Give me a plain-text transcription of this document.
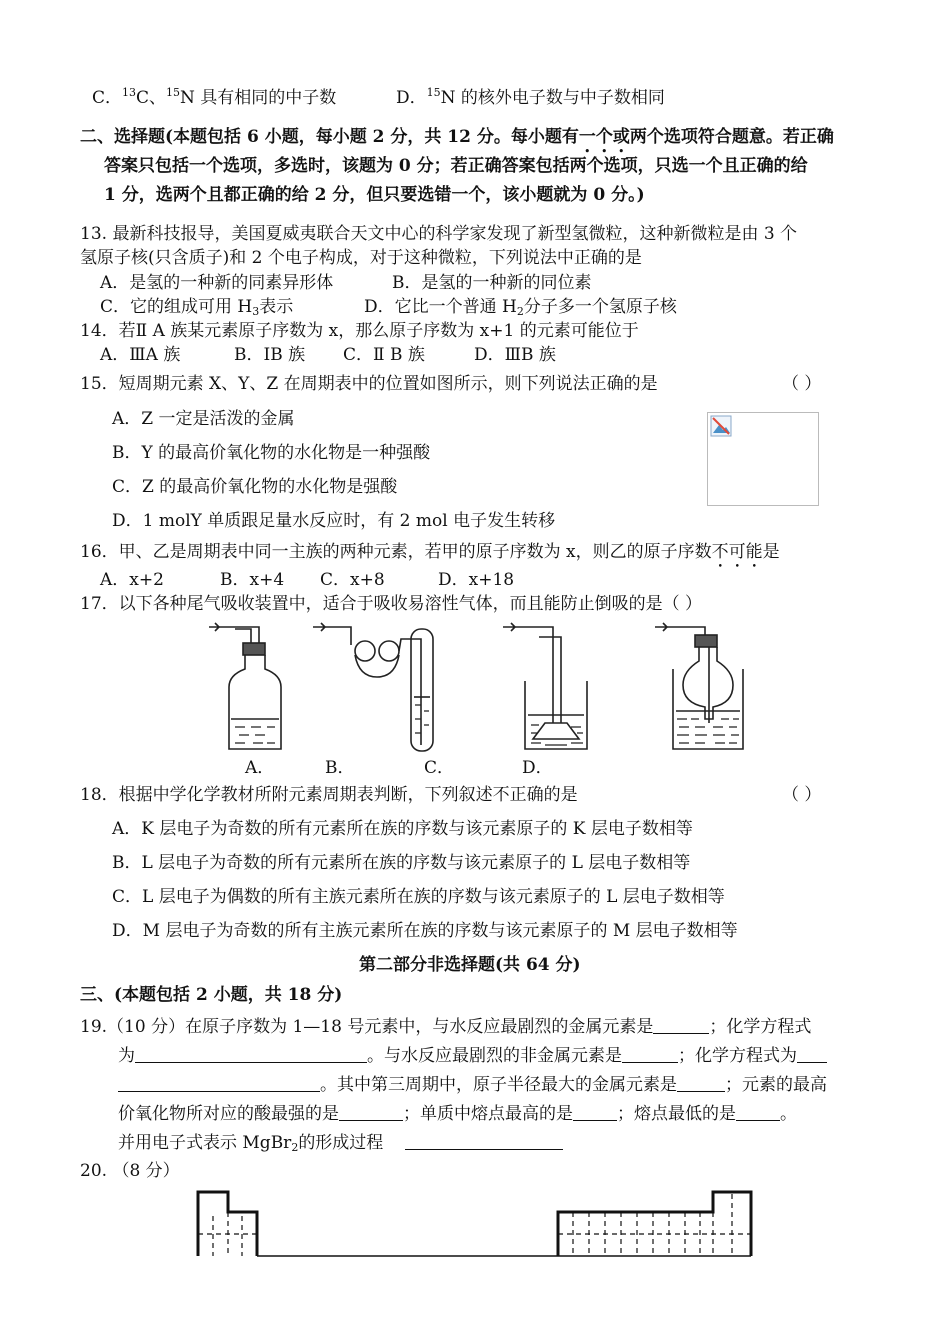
C．$^{13}$C、$^{15}$N 具有相同的中子数	D．$^{15}$N 的核外电子数与中子数相同
二、选择题(本题包括 6 小题，每小题 2 分，共 12 分。每小题有一个或两个选项符合题意。若正确
答案只包括一个选项，多选时，该题为 0 分；若正确答案包括两个选项，只选一个且正确的给
1 分，选两个且都正确的给 2 分，但只要选错一个，该小题就为 0 分。)
13. 最新科技报导，美国夏威夷联合天文中心的科学家发现了新型氢微粒，这种新微粒是由 3 个
氢原子核(只含质子)和 2 个电子构成，对于这种微粒，下列说法中正确的是
A．是氢的一种新的同素异形体	B．是氢的一种新的同位素
C．它的组成可用 $H_3$表示	D．它比一个普通 $H_2$分子多一个氢原子核
14．若Ⅱ A 族某元素原子序数为 x，那么原子序数为 x+1 的元素可能位于
A．ⅢA 族	B．IB 族 C．Ⅱ B 族	D．ⅢB 族
15．短周期元素 X、Y、Z 在周期表中的位置如图所示，则下列说法正确的是	（ ）
A．Z 一定是活泼的金属
B．Y 的最高价氧化物的水化物是一种强酸
C．Z 的最高价氧化物的水化物是强酸
D．1 molY 单质跟足量水反应时，有 2 mol 电子发生转移
16．甲、乙是周期表中同一主族的两种元素，若甲的原子序数为 x，则乙的原子序数不可能是
A．x+2	B．x+4 C．x+8	D．x+18
17．以下各种尾气吸收装置中，适合于吸收易溶性气体，而且能防止倒吸的是（ ）
A．	B．	C．	D．
18．根据中学化学教材所附元素周期表判断，下列叙述不正确的是	（ ）
A．K 层电子为奇数的所有元素所在族的序数与该元素原子的 K 层电子数相等
B．L 层电子为奇数的所有元素所在族的序数与该元素原子的 L 层电子数相等
C．L 层电子为偶数的所有主族元素所在族的序数与该元素原子的 L 层电子数相等
D．M 层电子为奇数的所有主族元素所在族的序数与该元素原子的 M 层电子数相等
第二部分非选择题(共 64 分)
三、(本题包括 2 小题，共 18 分)
19.（10 分）在原子序数为 1—18 号元素中，与水反应最剧烈的金属元素是	；化学方程式
为	。与水反应最剧烈的非金属元素是	；化学方程式为
。其中第三周期中，原子半径最大的金属元素是	；元素的最高
价氧化物所对应的酸最强的是	；单质中熔点最高的是	；熔点最低的是	。
并用电子式表示 MgBr$_2$的形成过程
20. （8 分）
